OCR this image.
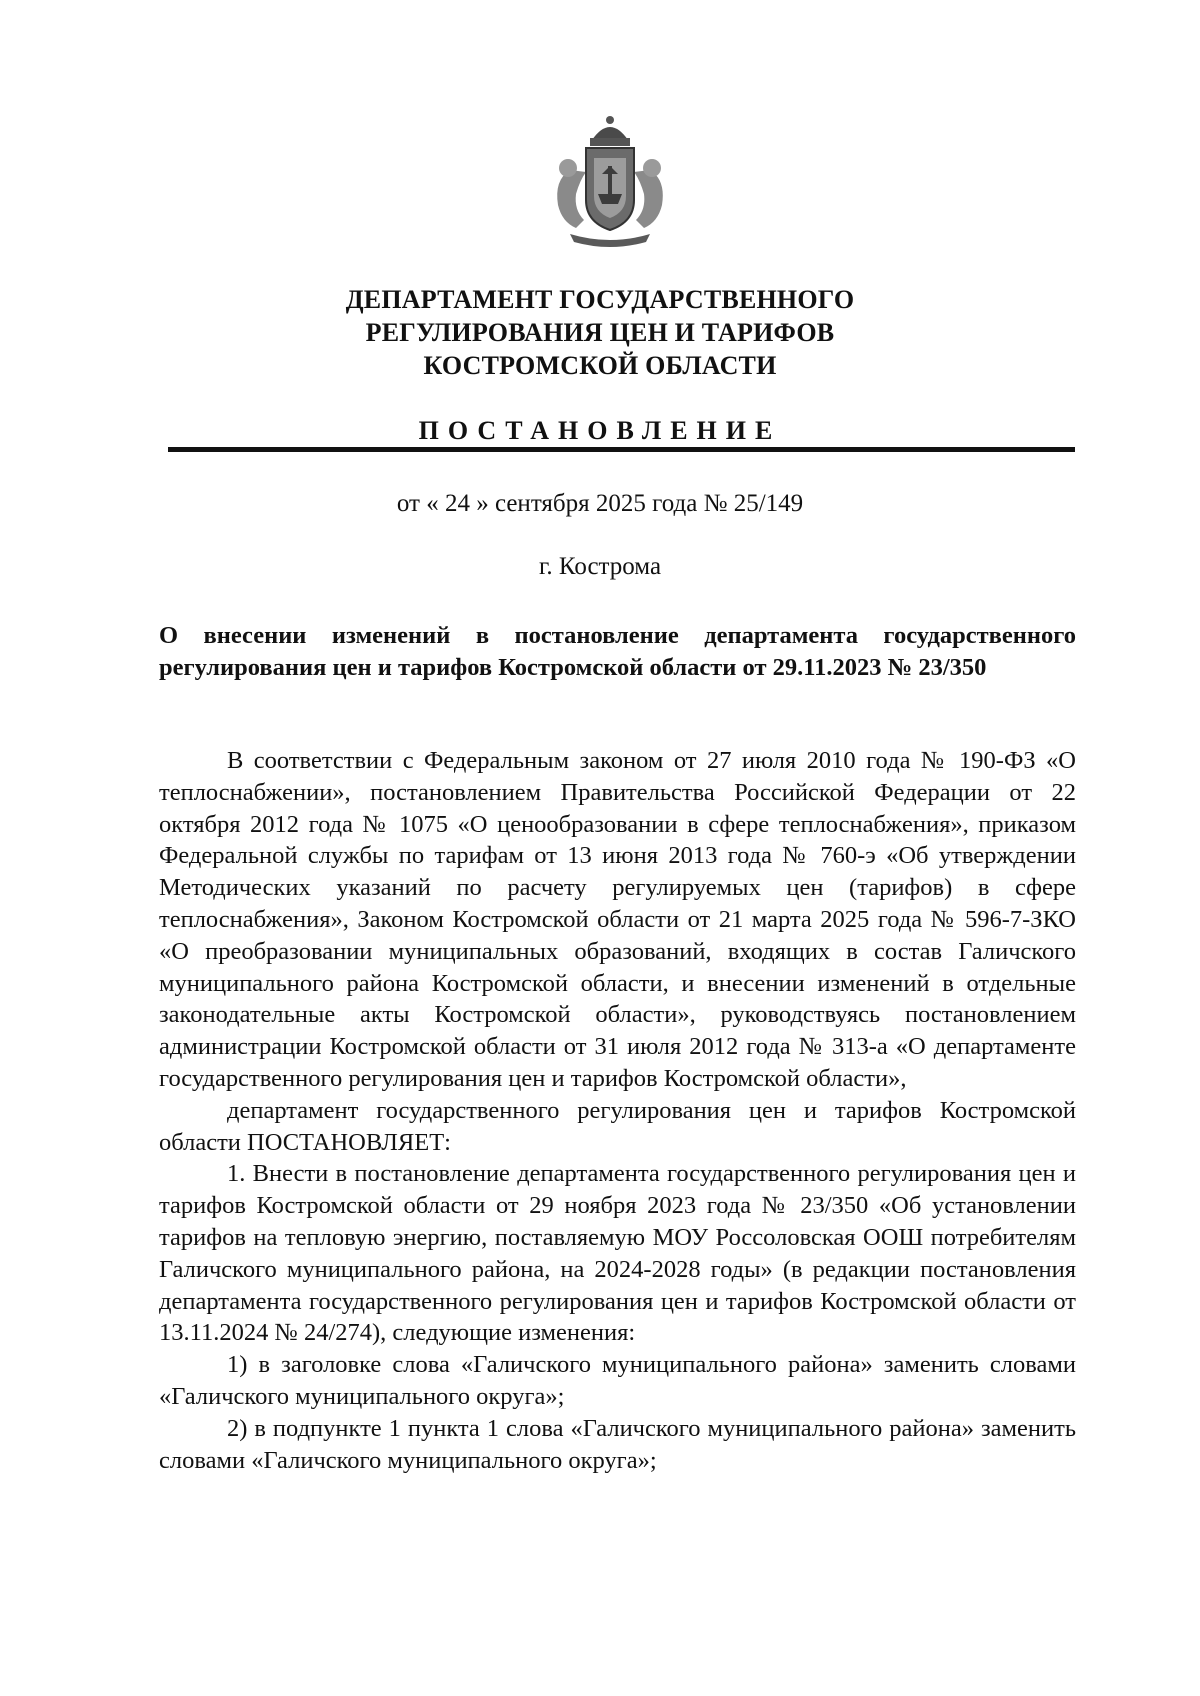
ДЕПАРТАМЕНТ ГОСУДАРСТВЕННОГО
РЕГУЛИРОВАНИЯ ЦЕН И ТАРИФОВ
КОСТРОМСКОЙ ОБЛАСТИ
ПОСТАНОВЛЕНИЕ
от « 24 » сентября 2025 года № 25/149
г. Кострома
О внесении изменений в постановление департамента государственного регулирования цен и тарифов Костромской области от 29.11.2023 № 23/350

В соответствии с Федеральным законом от 27 июля 2010 года № 190-ФЗ «О теплоснабжении», постановлением Правительства Российской Федерации от 22 октября 2012 года № 1075 «О ценообразовании в сфере теплоснабжения», приказом Федеральной службы по тарифам от 13 июня 2013 года № 760-э «Об утверждении Методических указаний по расчету регулируемых цен (тарифов) в сфере теплоснабжения», Законом Костромской области от 21 марта 2025 года № 596-7-ЗКО «О преобразовании муниципальных образований, входящих в состав Галичского муниципального района Костромской области, и внесении изменений в отдельные законодательные акты Костромской области», руководствуясь постановлением администрации Костромской области от 31 июля 2012 года № 313-а «О департаменте государственного регулирования цен и тарифов Костромской области»,

департамент государственного регулирования цен и тарифов Костромской области ПОСТАНОВЛЯЕТ:

1. Внести в постановление департамента государственного регулирования цен и тарифов Костромской области от 29 ноября 2023 года № 23/350 «Об установлении тарифов на тепловую энергию, поставляемую МОУ Россоловская ООШ потребителям Галичского муниципального района, на 2024-2028 годы» (в редакции постановления департамента государственного регулирования цен и тарифов Костромской области от 13.11.2024 № 24/274), следующие изменения:

1) в заголовке слова «Галичского муниципального района» заменить словами «Галичского муниципального округа»;

2) в подпункте 1 пункта 1 слова «Галичского муниципального района» заменить словами «Галичского муниципального округа»;
